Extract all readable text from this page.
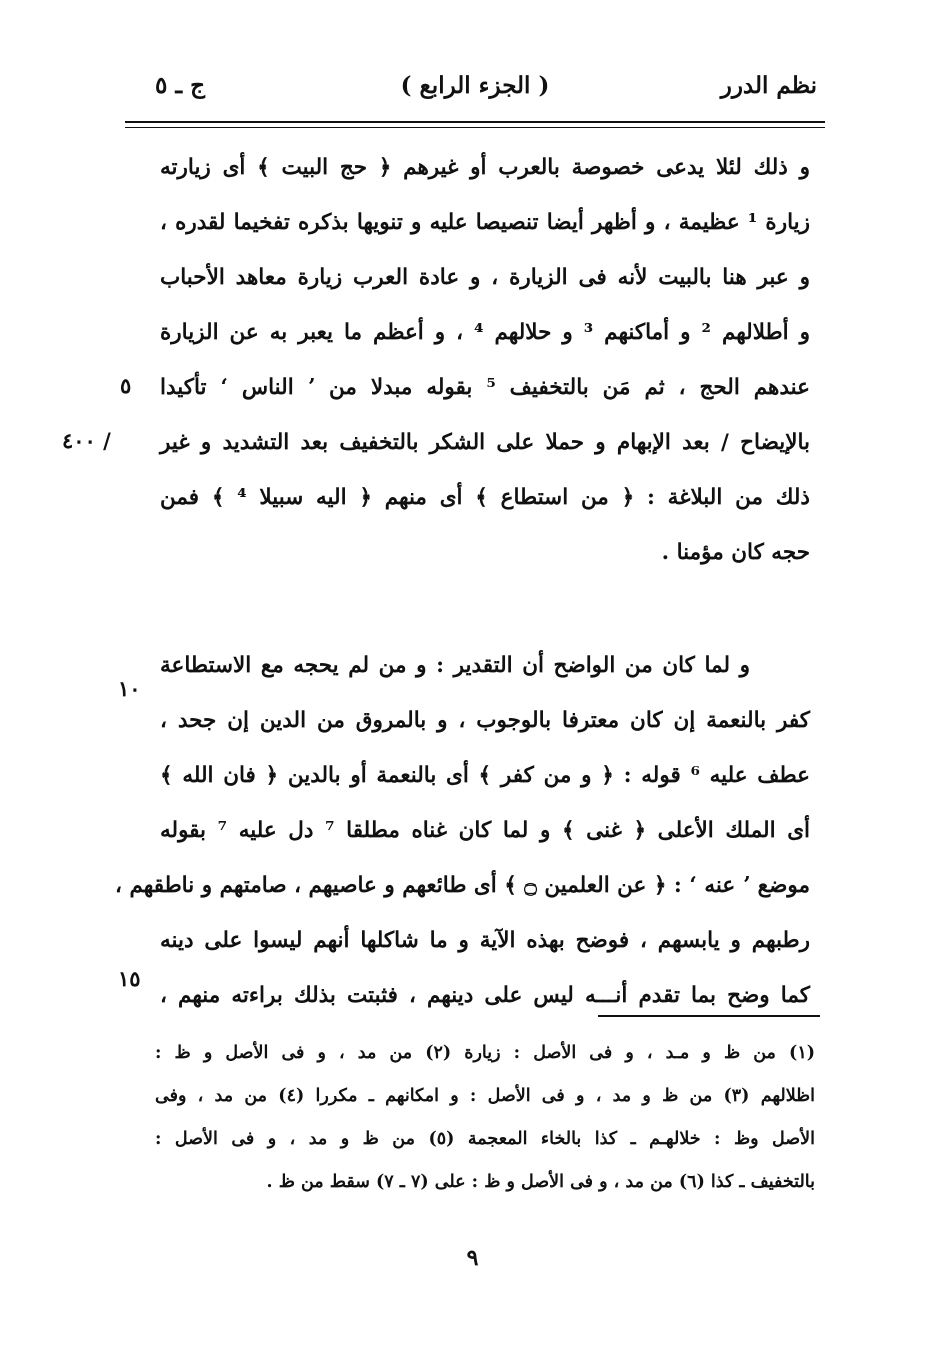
نظم الدرر
( الجزء الرابع )
ج ـ ٥
و ذلك لئلا يدعى خصوصة بالعرب أو غيرهم ﴿ حج البيت ﴾ أى زيارته
زيارة ¹ عظيمة ، و أظهر أيضا تنصيصا عليه و تنويها بذكره تفخيما لقدره ،
و عبر هنا بالبيت لأنه فى الزيارة ، و عادة العرب زيارة معاهد الأحباب
و أطلالهم ² و أماكنهم ³ و حلالهم ⁴ ، و أعظم ما يعبر به عن الزيارة
عندهم الحج ، ثم مَن بالتخفيف ⁵ بقوله مبدلا من ʼ الناس ʻ تأكيدا
بالإيضاح / بعد الإبهام و حملا على الشكر بالتخفيف بعد التشديد و غير
ذلك من البلاغة : ﴿ من استطاع ﴾ أى منهم ﴿ اليه سبيلا ⁴ ﴾ فمن
حجه كان مؤمنا .
و لما كان من الواضح أن التقدير : و من لم يحجه مع الاستطاعة
كفر بالنعمة إن كان معترفا بالوجوب ، و بالمروق من الدين إن جحد ،
عطف عليه ⁶ قوله : ﴿ و من كفر ﴾ أى بالنعمة أو بالدين ﴿ فان الله ﴾
أى الملك الأعلى ﴿ غنى ﴾ و لما كان غناه مطلقا ⁷ دل عليه ⁷ بقوله
موضع ʼ عنه ʻ : ﴿ عن العلمين ۝ ﴾ أى طائعهم و عاصيهم ، صامتهم و ناطقهم ،
رطبهم و يابسهم ، فوضح بهذه الآية و ما شاكلها أنهم ليسوا على دينه
كما وضح بما تقدم أنـــه ليس على دينهم ، فثبتت بذلك براءته منهم ،
٥
٤٠٠ /
١٠
١٥
(١) من ظ و مـد ، و فى الأصل : زيارة (٢) من مد ، و فى الأصل و ظ :
اظلالهم (٣) من ظ و مد ، و فى الأصل : و امكانهم ـ مكررا (٤) من مد ، وفى
الأصل وظ : خلالهـم ـ كذا بالخاء المعجمة (٥) من ظ و مد ، و فى الأصل :
بالتخفيف ـ كذا (٦) من مد ، و فى الأصل و ظ : على (٧ ـ ٧) سقط من ظ .
٩
